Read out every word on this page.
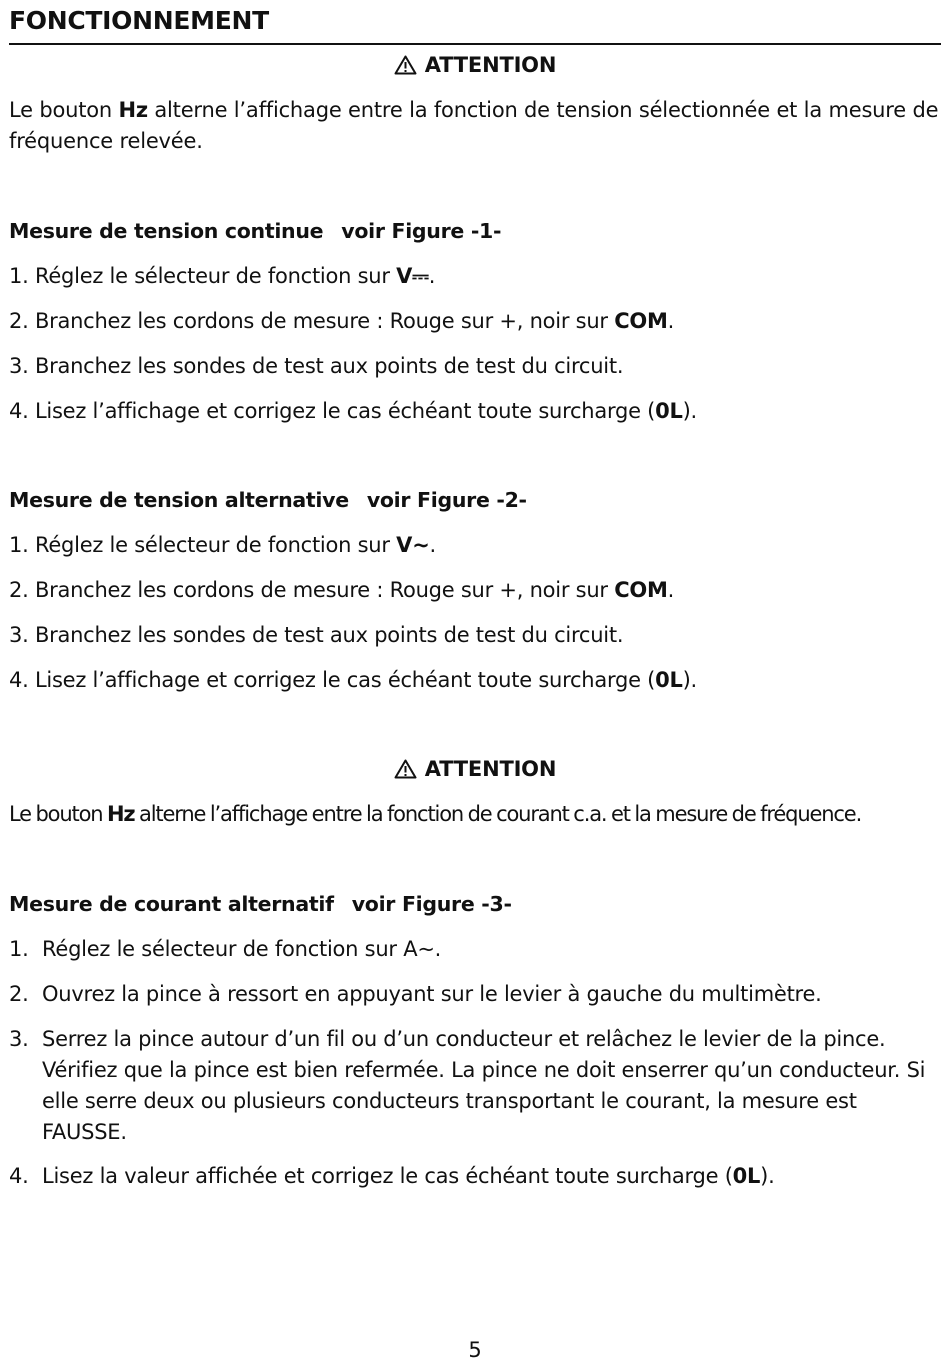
FONCTIONNEMENT
ATTENTION
Le bouton Hz alterne l’affichage entre la fonction de tension sélectionnée et la mesure de fréquence relevée.
Mesure de tension continue voir Figure -1-
1. Réglez le sélecteur de fonction sur V⎓.
2. Branchez les cordons de mesure : Rouge sur +, noir sur COM.
3. Branchez les sondes de test aux points de test du circuit.
4. Lisez l’affichage et corrigez le cas échéant toute surcharge (0L).
Mesure de tension alternative voir Figure -2-
1. Réglez le sélecteur de fonction sur V∼.
2. Branchez les cordons de mesure : Rouge sur +, noir sur COM.
3. Branchez les sondes de test aux points de test du circuit.
4. Lisez l’affichage et corrigez le cas échéant toute surcharge (0L).
ATTENTION
Le bouton Hz alterne l’affichage entre la fonction de courant c.a. et la mesure de fréquence.
Mesure de courant alternatif voir Figure -3-
1. Réglez le sélecteur de fonction sur A∼.
2. Ouvrez la pince à ressort en appuyant sur le levier à gauche du multimètre.
3. Serrez la pince autour d’un fil ou d’un conducteur et relâchez le levier de la pince. Vérifiez que la pince est bien refermée. La pince ne doit enserrer qu’un conducteur. Si elle serre deux ou plusieurs conducteurs transportant le courant, la mesure est FAUSSE.
4. Lisez la valeur affichée et corrigez le cas échéant toute surcharge (0L).
5
